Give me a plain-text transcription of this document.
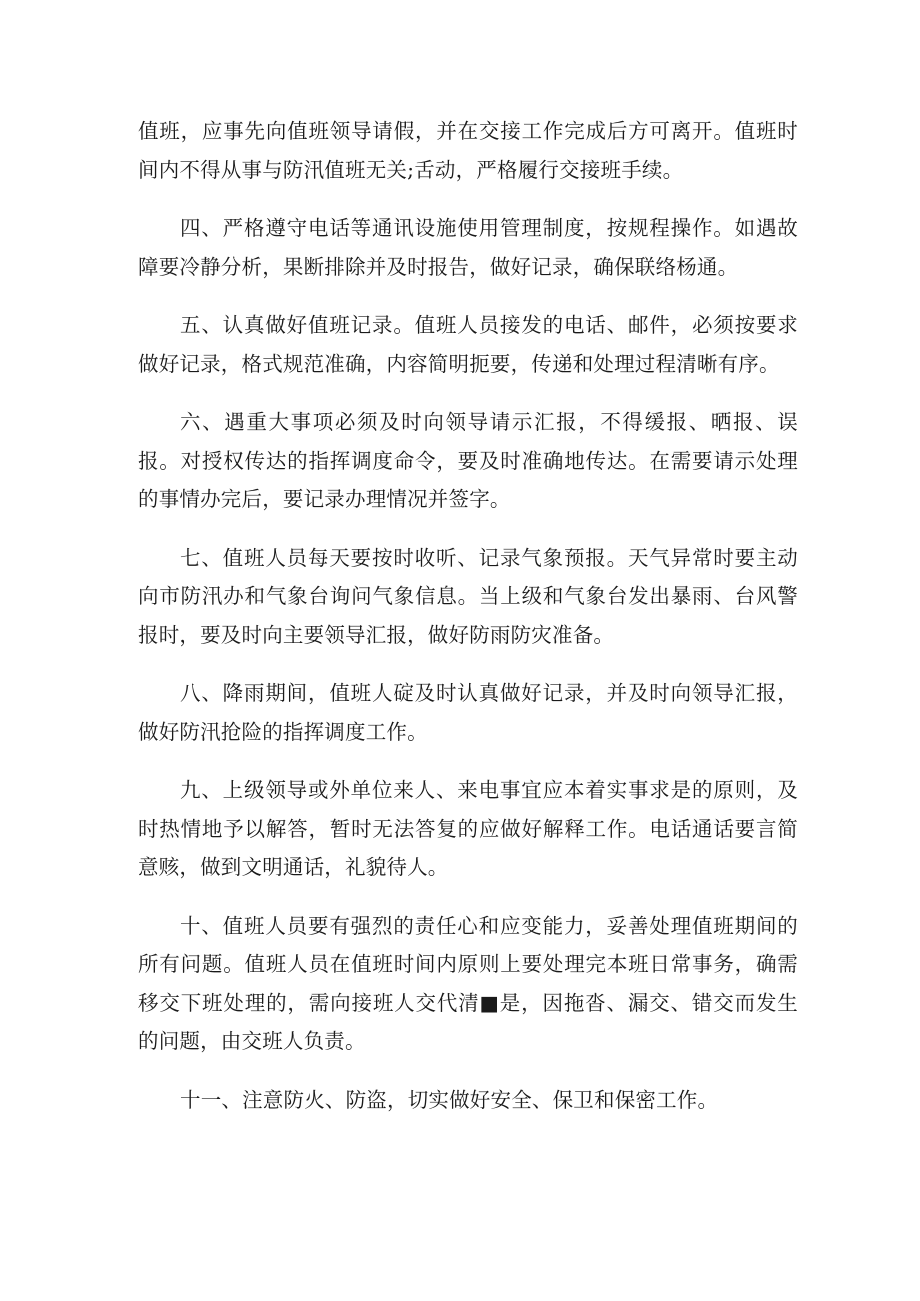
值班，应事先向值班领导请假，并在交接工作完成后方可离开。值班时间内不得从事与防汛值班无关;舌动，严格履行交接班手续。

四、严格遵守电话等通讯设施使用管理制度，按规程操作。如遇故障要冷静分析，果断排除并及时报告，做好记录，确保联络杨通。

五、认真做好值班记录。值班人员接发的电话、邮件，必须按要求做好记录，格式规范准确，内容简明扼要，传递和处理过程清晰有序。

六、遇重大事项必须及时向领导请示汇报，不得缓报、晒报、误报。对授权传达的指挥调度命令，要及时准确地传达。在需要请示处理的事情办完后，要记录办理情况并签字。

七、值班人员每天要按时收听、记录气象预报。天气异常时要主动向市防汛办和气象台询问气象信息。当上级和气象台发出暴雨、台风警报时，要及时向主要领导汇报，做好防雨防灾准备。

八、降雨期间，值班人碇及时认真做好记录，并及时向领导汇报，做好防汛抢险的指挥调度工作。

九、上级领导或外单位来人、来电事宜应本着实事求是的原则，及时热情地予以解答，暂时无法答复的应做好解释工作。电话通话要言简意赅，做到文明通话，礼貌待人。

十、值班人员要有强烈的责任心和应变能力，妥善处理值班期间的所有问题。值班人员在值班时间内原则上要处理完本班日常事务，确需移交下班处理的，需向接班人交代清■是，因拖沓、漏交、错交而发生的问题，由交班人负责。

十一、注意防火、防盗，切实做好安全、保卫和保密工作。
